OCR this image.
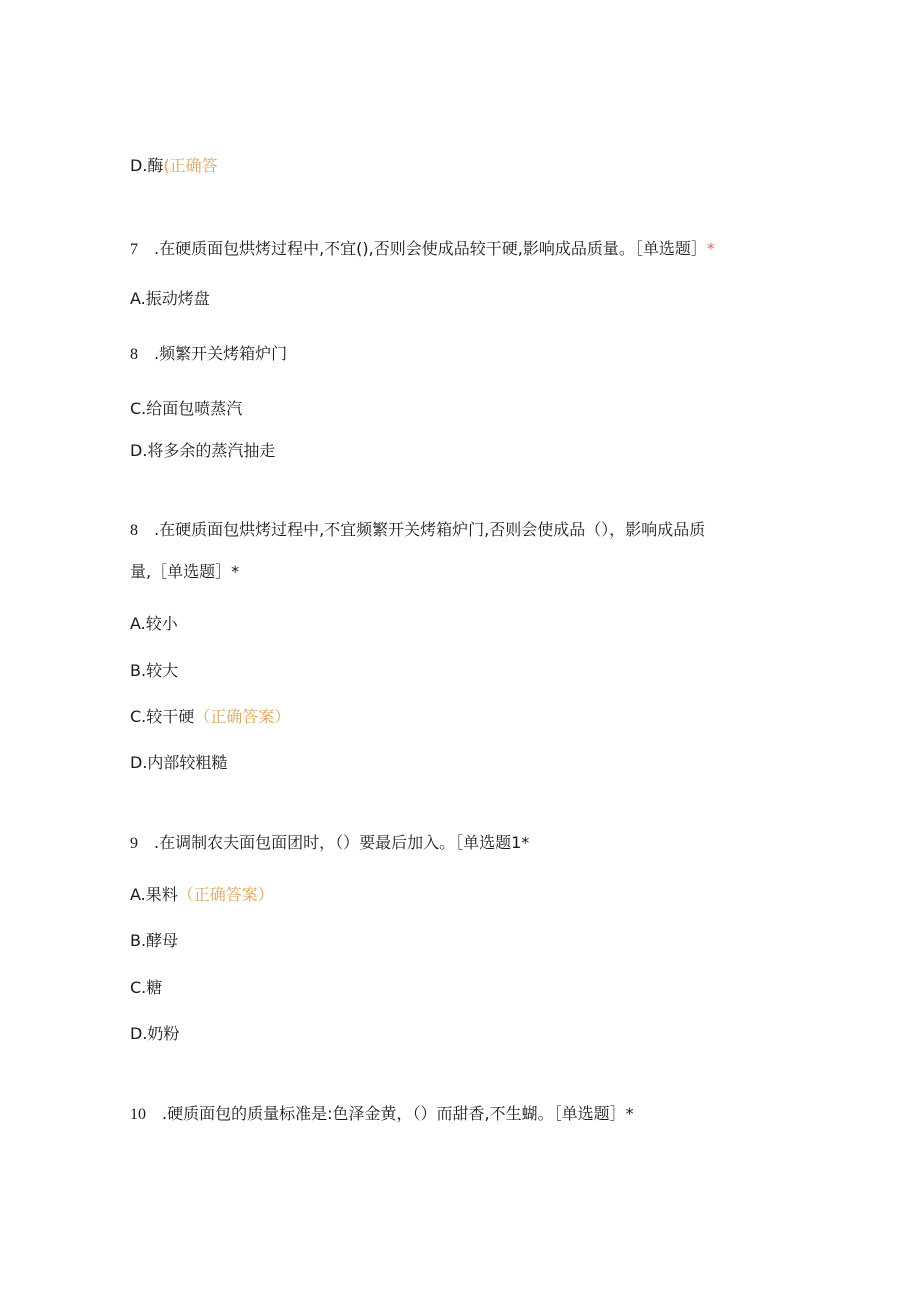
D.酶(正确答
7 .在硬质面包烘烤过程中,不宜(),否则会使成品较干硬,影响成品质量。［单选题］*
A.振动烤盘
8 .频繁开关烤箱炉门
C.给面包喷蒸汽
D.将多余的蒸汽抽走
8 .在硬质面包烘烤过程中,不宜频繁开关烤箱炉门,否则会使成品（），影响成品质
量,［单选题］*
A.较小
B.较大
C.较干硬（正确答案）
D.内部较粗糙
9 .在调制农夫面包面团时，（）要最后加入。［单选题1*
A.果料（正确答案）
B.酵母
C.糖
D.奶粉
10 .硬质面包的质量标准是:色泽金黄，（）而甜香,不生蝴。［单选题］*
